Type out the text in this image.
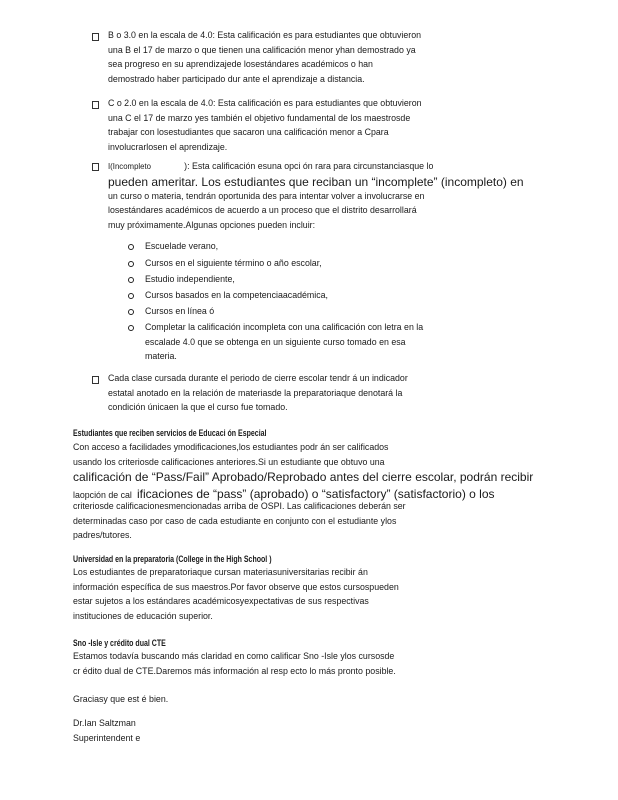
B o 3.0 en la escala de 4.0: Esta calificación es para estudiantes que obtuvieron
una B el 17 de marzo o que tienen una calificación menor yhan demostrado ya
sea progreso en su aprendizajede losestándares académicos o han
demostrado haber participado dur ante el aprendizaje a distancia.
C o 2.0 en la escala de 4.0: Esta calificación es para estudiantes que obtuvieron
una C el 17 de marzo yes también el objetivo fundamental de los maestrosde
trabajar con losestudiantes que sacaron una calificación menor a Cpara
involucrarlosen el aprendizaje.
I(Incompleto	): Esta calificación esuna opci ón rara para circunstanciasque lo
pueden ameritar. Los estudiantes que reciban un “incomplete” (incompleto) en
un curso o materia, tendrán oportunida des para intentar volver a involucrarse en
losestándares académicos de acuerdo a un proceso que el distrito desarrollará
muy próximamente.Algunas opciones pueden incluir:
Escuelade verano,
Cursos en el siguiente término o año escolar,
Estudio independiente,
Cursos basados en la competenciaacadémica,
Cursos en línea ó
Completar la calificación incompleta con una calificación con letra en la
escalade 4.0 que se obtenga en un siguiente curso tomado en esa
materia.
Cada clase cursada durante el periodo de cierre escolar tendr á un indicador
estatal anotado en la relación de materiasde la preparatoriaque denotará la
condición únicaen la que el curso fue tomado.
Estudiantes que reciben servicios de Educaci ón Especial
Con acceso a facilidades ymodificaciones,los estudiantes podr án ser calificados
usando los criteriosde calificaciones anteriores.Si un estudiante que obtuvo una
calificación de “Pass/Fail” Aprobado/Reprobado antes del cierre escolar, podrán recibir
laopción de cal ificaciones de “pass” (aprobado) o “satisfactory” (satisfactorio) o los
criteriosde calificacionesmencionadas arriba de OSPI. Las calificaciones deberán ser
determinadas caso por caso de cada estudiante en conjunto con el estudiante ylos
padres/tutores.
Universidad en la preparatoria (College in the High School )
Los estudiantes de preparatoriaque cursan materiasuniversitarias recibir án
información específica de sus maestros.Por favor observe que estos cursospueden
estar sujetos a los estándares académicosyexpectativas de sus respectivas
instituciones de educación superior.
Sno -Isle y crédito dual CTE
Estamos todavía buscando más claridad en como calificar Sno -Isle ylos cursosde
cr édito dual de CTE.Daremos más información al resp ecto lo más pronto posible.
Graciasy que est é bien.
Dr.Ian Saltzman
Superintendent e
